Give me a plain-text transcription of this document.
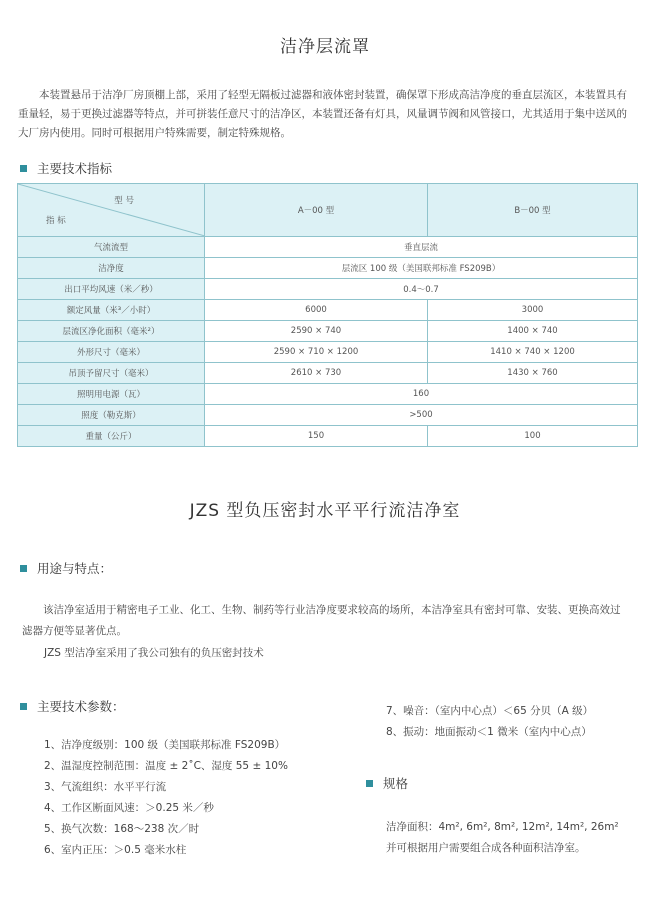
洁净层流罩
本装置悬吊于洁净厂房顶棚上部，采用了轻型无隔板过滤器和液体密封装置，确保罩下形成高洁净度的垂直层流区，本装置具有重量轻，易于更换过滤器等特点，并可拼装任意尺寸的洁净区，本装置还备有灯具，风量调节阀和风管接口，尤其适用于集中送风的大厂房内使用。同时可根据用户特殊需要，制定特殊规格。
主要技术指标
型 号
指 标	A－00 型	B－00 型
气流流型	垂直层流	
洁净度	层流区 100 级（美国联邦标准 FS209B）	
出口平均风速（米／秒）	0.4～0.7	
额定风量（米³／小时）	6000	3000
层流区净化面积（毫米²）	2590 × 740	1400 × 740
外形尺寸（毫米）	2590 × 710 × 1200	1410 × 740 × 1200
吊顶予留尺寸（毫米）	2610 × 730	1430 × 760
照明用电源（瓦）	160	
照度（勒克斯）	>500	
重量（公斤）	150	100
JZS 型负压密封水平平行流洁净室
用途与特点：
该洁净室适用于精密电子工业、化工、生物、制药等行业洁净度要求较高的场所，本洁净室具有密封可靠、安装、更换高效过滤器方便等显著优点。
JZS 型洁净室采用了我公司独有的负压密封技术
主要技术参数：
1、洁净度级别：100 级（美国联邦标准 FS209B）
2、温湿度控制范围：温度 ± 2˚C、湿度 55 ± 10%
3、气流组织：水平平行流
4、工作区断面风速：＞0.25 米／秒
5、换气次数：168～238 次／时
6、室内正压：＞0.5 毫米水柱
7、噪音：（室内中心点）＜65 分贝（A 级）
8、振动：地面振动＜1 微米（室内中心点）
规格
洁净面积：4m², 6m², 8m², 12m², 14m², 26m²
并可根据用户需要组合成各种面积洁净室。
